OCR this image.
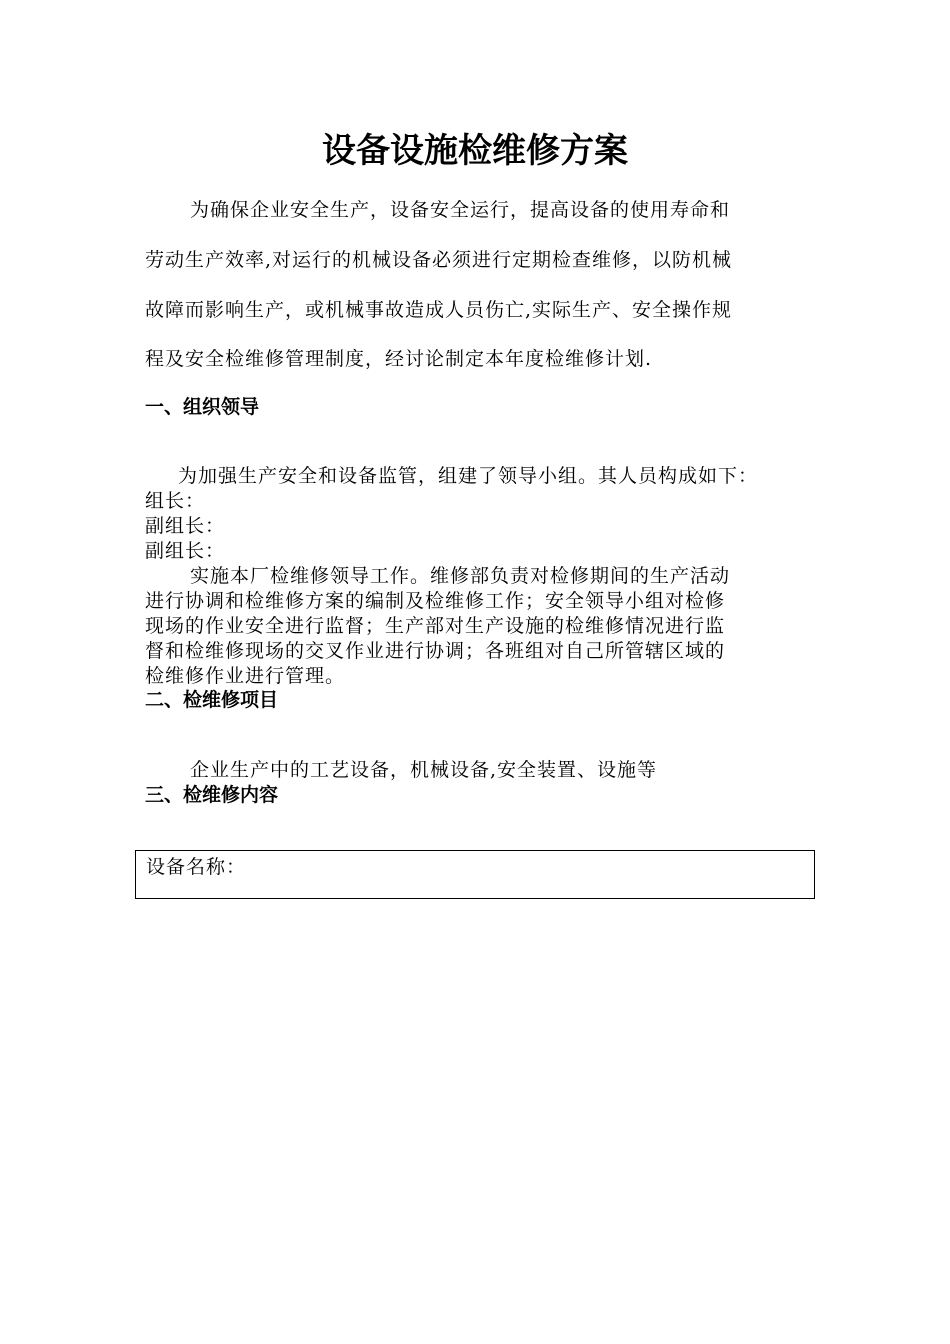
设备设施检维修方案
为确保企业安全生产，设备安全运行，提高设备的使用寿命和
劳动生产效率,对运行的机械设备必须进行定期检查维修，以防机械
故障而影响生产，或机械事故造成人员伤亡,实际生产、安全操作规
程及安全检维修管理制度，经讨论制定本年度检维修计划.
一、组织领导
为加强生产安全和设备监管，组建了领导小组。其人员构成如下：
组长：
副组长：
副组长：
实施本厂检维修领导工作。维修部负责对检修期间的生产活动
进行协调和检维修方案的编制及检维修工作；安全领导小组对检修
现场的作业安全进行监督；生产部对生产设施的检维修情况进行监
督和检维修现场的交叉作业进行协调；各班组对自己所管辖区域的
检维修作业进行管理。
二、检维修项目
企业生产中的工艺设备，机械设备,安全装置、设施等
三、检维修内容
设备名称：
